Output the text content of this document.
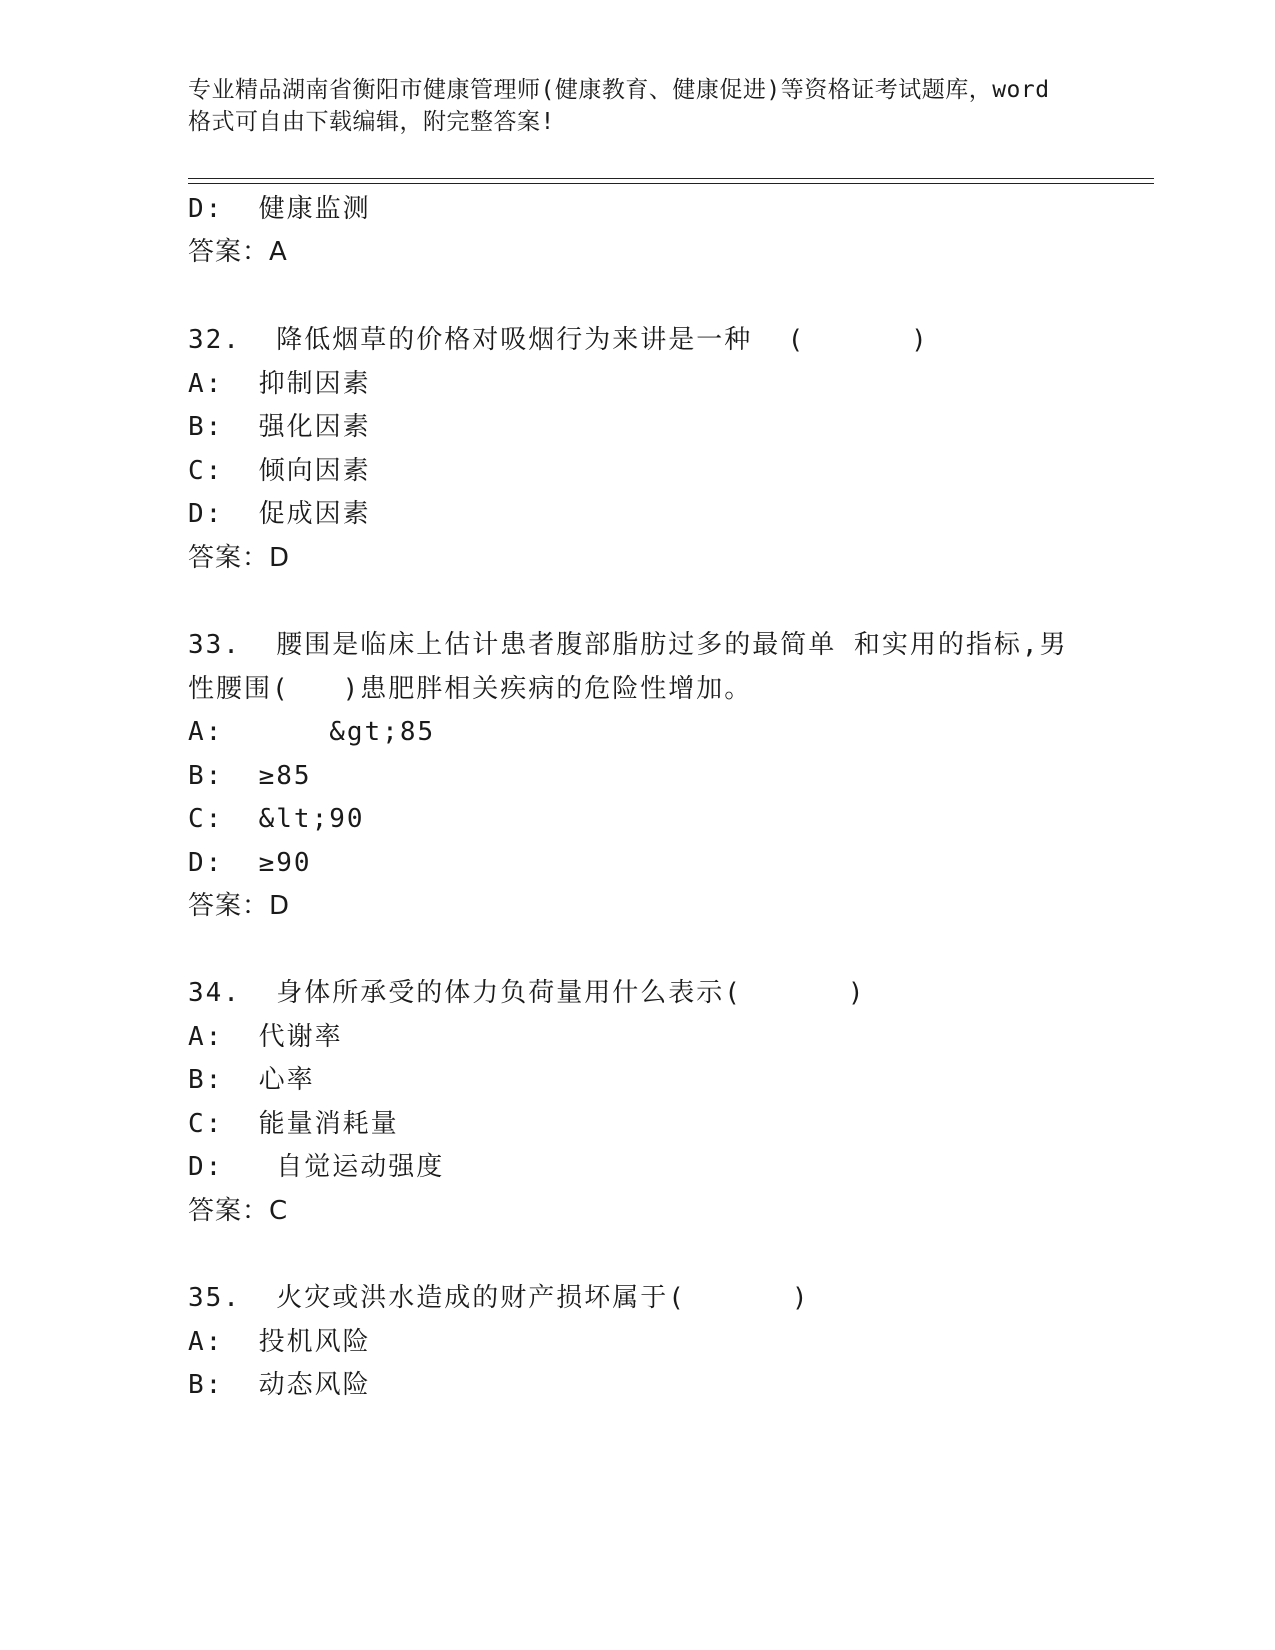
专业精品湖南省衡阳市健康管理师(健康教育、健康促进)等资格证考试题库，word
格式可自由下载编辑，附完整答案!
D:  健康监测
答案：A
32.  降低烟草的价格对吸烟行为来讲是一种  (      )
A:  抑制因素
B:  强化因素
C:  倾向因素
D:  促成因素
答案：D
33.  腰围是临床上估计患者腹部脂肪过多的最简单 和实用的指标,男
性腰围(   )患肥胖相关疾病的危险性增加。
A:      &gt;85
B:  ≥85
C:  &lt;90
D:  ≥90
答案：D
34.  身体所承受的体力负荷量用什么表示(      )
A:  代谢率
B:  心率
C:  能量消耗量
D:   自觉运动强度
答案：C
35.  火灾或洪水造成的财产损坏属于(      )
A:  投机风险
B:  动态风险
